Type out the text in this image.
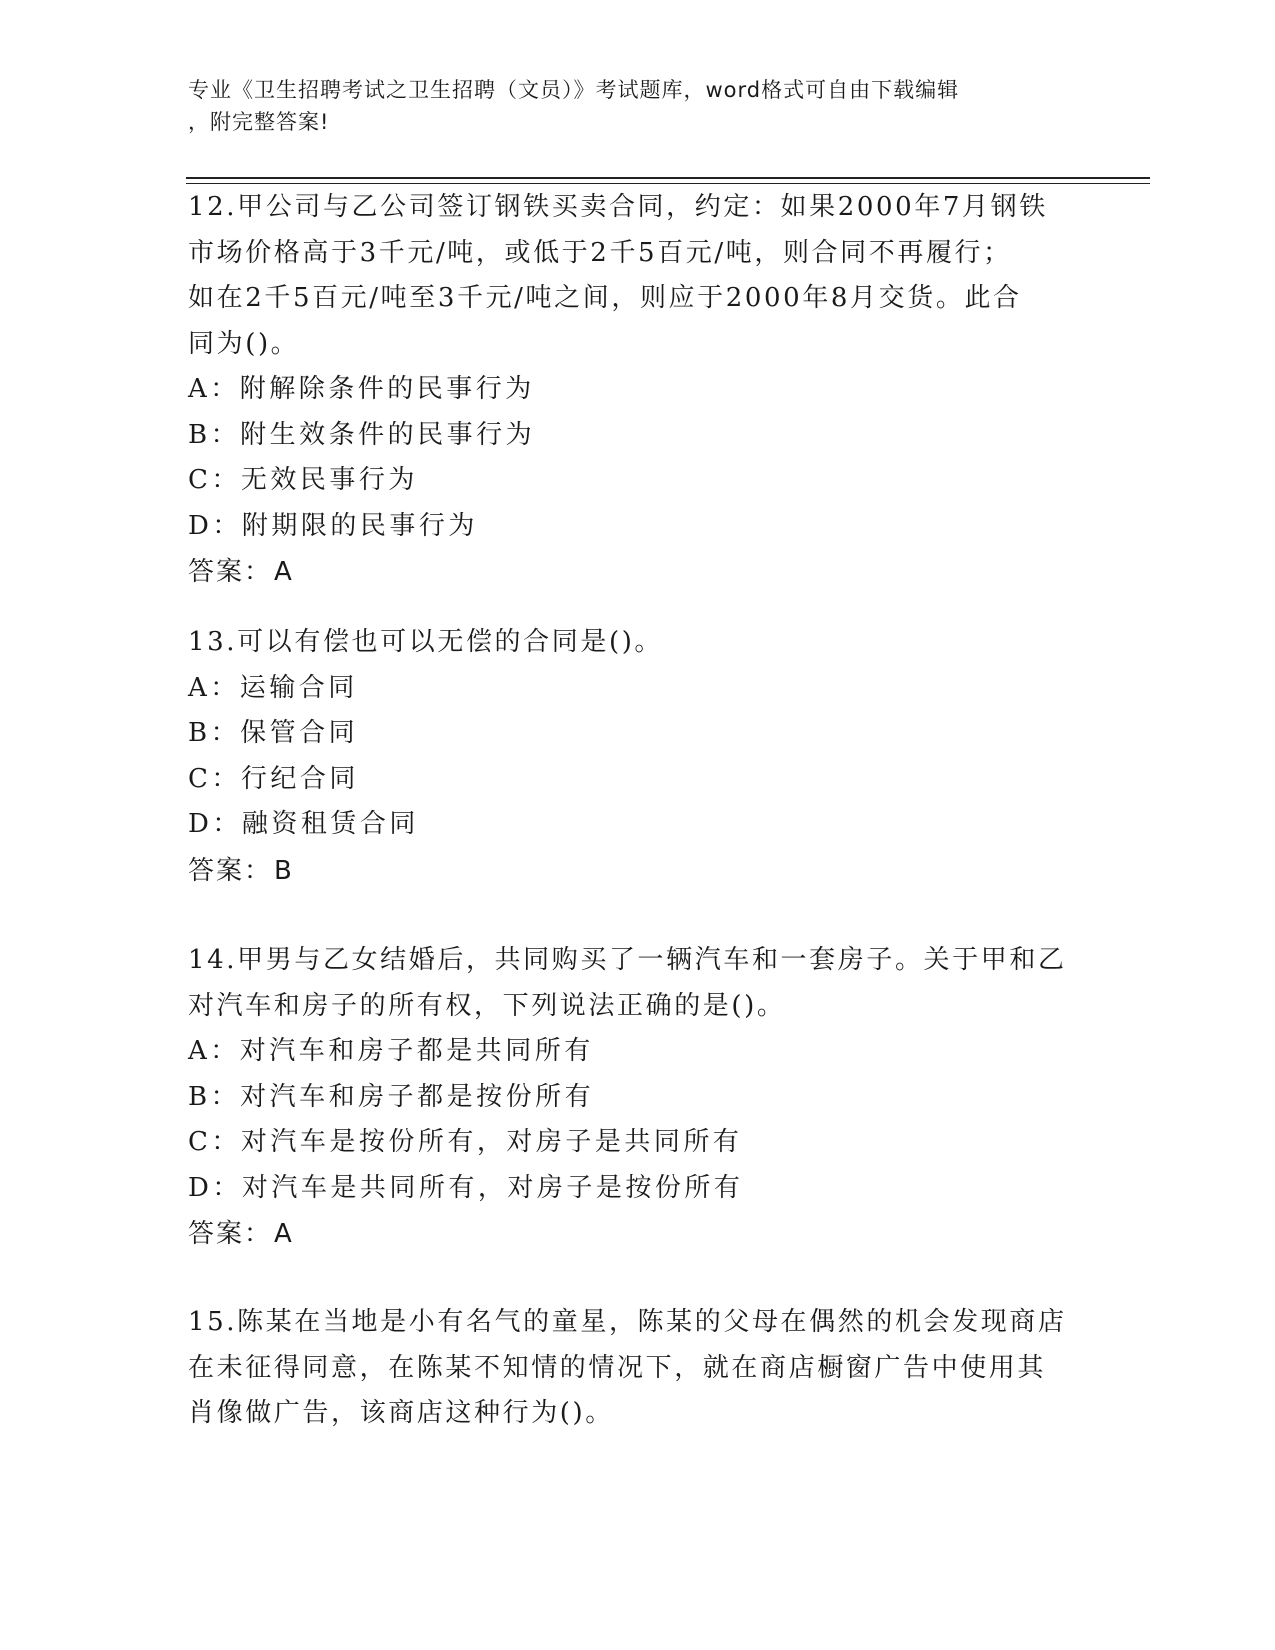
专业《卫生招聘考试之卫生招聘（文员）》考试题库，word格式可自由下载编辑
，附完整答案!
12.甲公司与乙公司签订钢铁买卖合同，约定：如果2000年7月钢铁
市场价格高于3千元/吨，或低于2千5百元/吨，则合同不再履行；
如在2千5百元/吨至3千元/吨之间，则应于2000年8月交货。此合
同为()。
A：附解除条件的民事行为
B：附生效条件的民事行为
C：无效民事行为
D：附期限的民事行为
答案：A
13.可以有偿也可以无偿的合同是()。
A：运输合同
B：保管合同
C：行纪合同
D：融资租赁合同
答案：B
14.甲男与乙女结婚后，共同购买了一辆汽车和一套房子。关于甲和乙
对汽车和房子的所有权，下列说法正确的是()。
A：对汽车和房子都是共同所有
B：对汽车和房子都是按份所有
C：对汽车是按份所有，对房子是共同所有
D：对汽车是共同所有，对房子是按份所有
答案：A
15.陈某在当地是小有名气的童星，陈某的父母在偶然的机会发现商店
在未征得同意，在陈某不知情的情况下，就在商店橱窗广告中使用其
肖像做广告，该商店这种行为()。
